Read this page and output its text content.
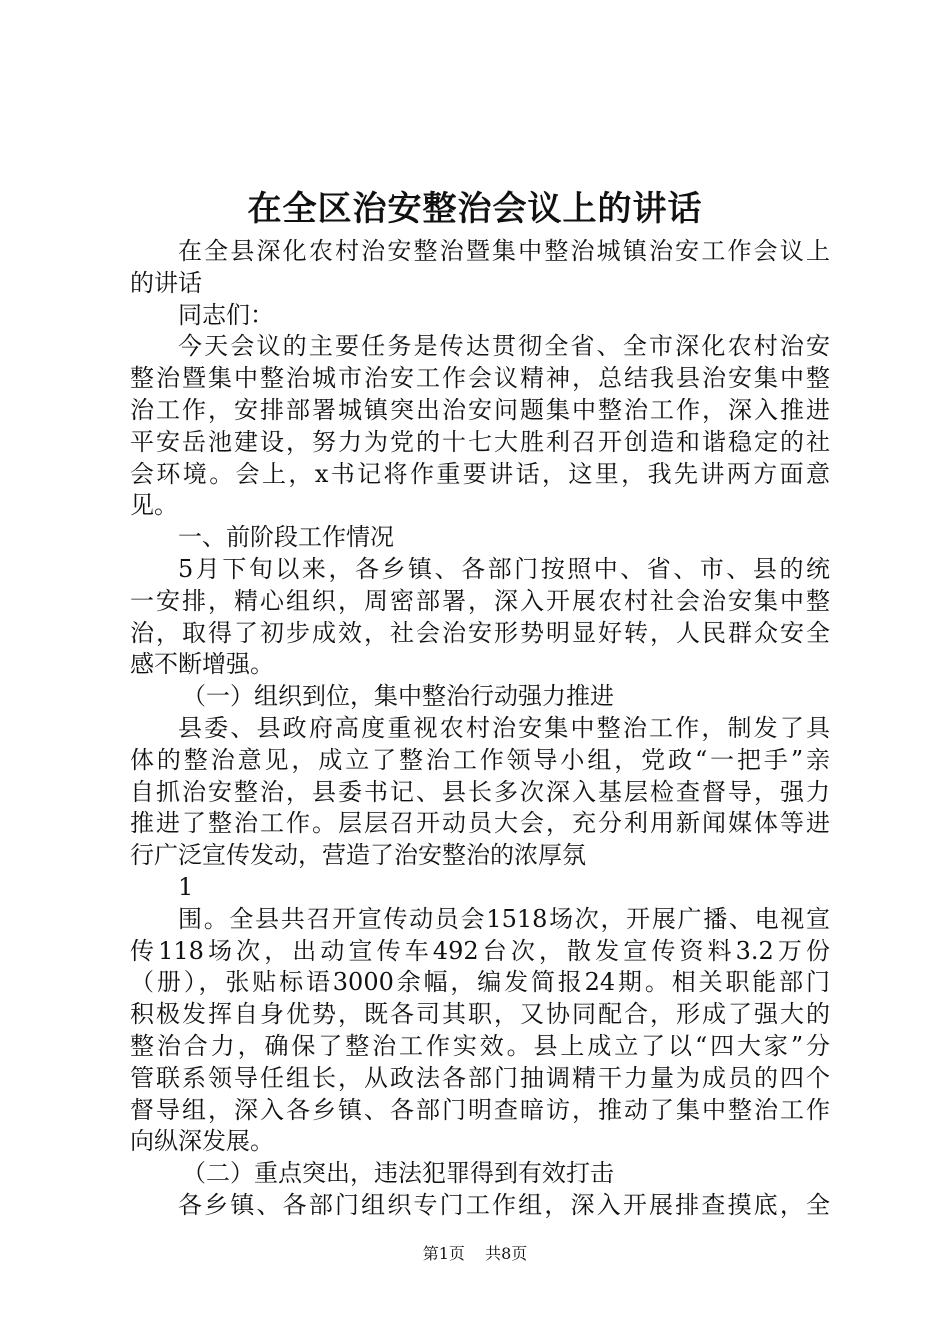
在全区治安整治会议上的讲话
在全县深化农村治安整治暨集中整治城镇治安工作会议上
的讲话
同志们：
今天会议的主要任务是传达贯彻全省、全市深化农村治安
整治暨集中整治城市治安工作会议精神，总结我县治安集中整
治工作，安排部署城镇突出治安问题集中整治工作，深入推进
平安岳池建设，努力为党的十七大胜利召开创造和谐稳定的社
会环境。会上，x书记将作重要讲话，这里，我先讲两方面意
见。
一、前阶段工作情况
5月下旬以来，各乡镇、各部门按照中、省、市、县的统
一安排，精心组织，周密部署，深入开展农村社会治安集中整
治，取得了初步成效，社会治安形势明显好转，人民群众安全
感不断增强。
（一）组织到位，集中整治行动强力推进
县委、县政府高度重视农村治安集中整治工作，制发了具
体的整治意见，成立了整治工作领导小组，党政“一把手”亲
自抓治安整治，县委书记、县长多次深入基层检查督导，强力
推进了整治工作。层层召开动员大会，充分利用新闻媒体等进
行广泛宣传发动，营造了治安整治的浓厚氛
1
围。全县共召开宣传动员会1518场次，开展广播、电视宣
传118场次，出动宣传车492台次，散发宣传资料3.2万份
（册），张贴标语3000余幅，编发简报24期。相关职能部门
积极发挥自身优势，既各司其职，又协同配合，形成了强大的
整治合力，确保了整治工作实效。县上成立了以“四大家”分
管联系领导任组长，从政法各部门抽调精干力量为成员的四个
督导组，深入各乡镇、各部门明查暗访，推动了集中整治工作
向纵深发展。
（二）重点突出，违法犯罪得到有效打击
各乡镇、各部门组织专门工作组，深入开展排查摸底，全
第1页 共8页
